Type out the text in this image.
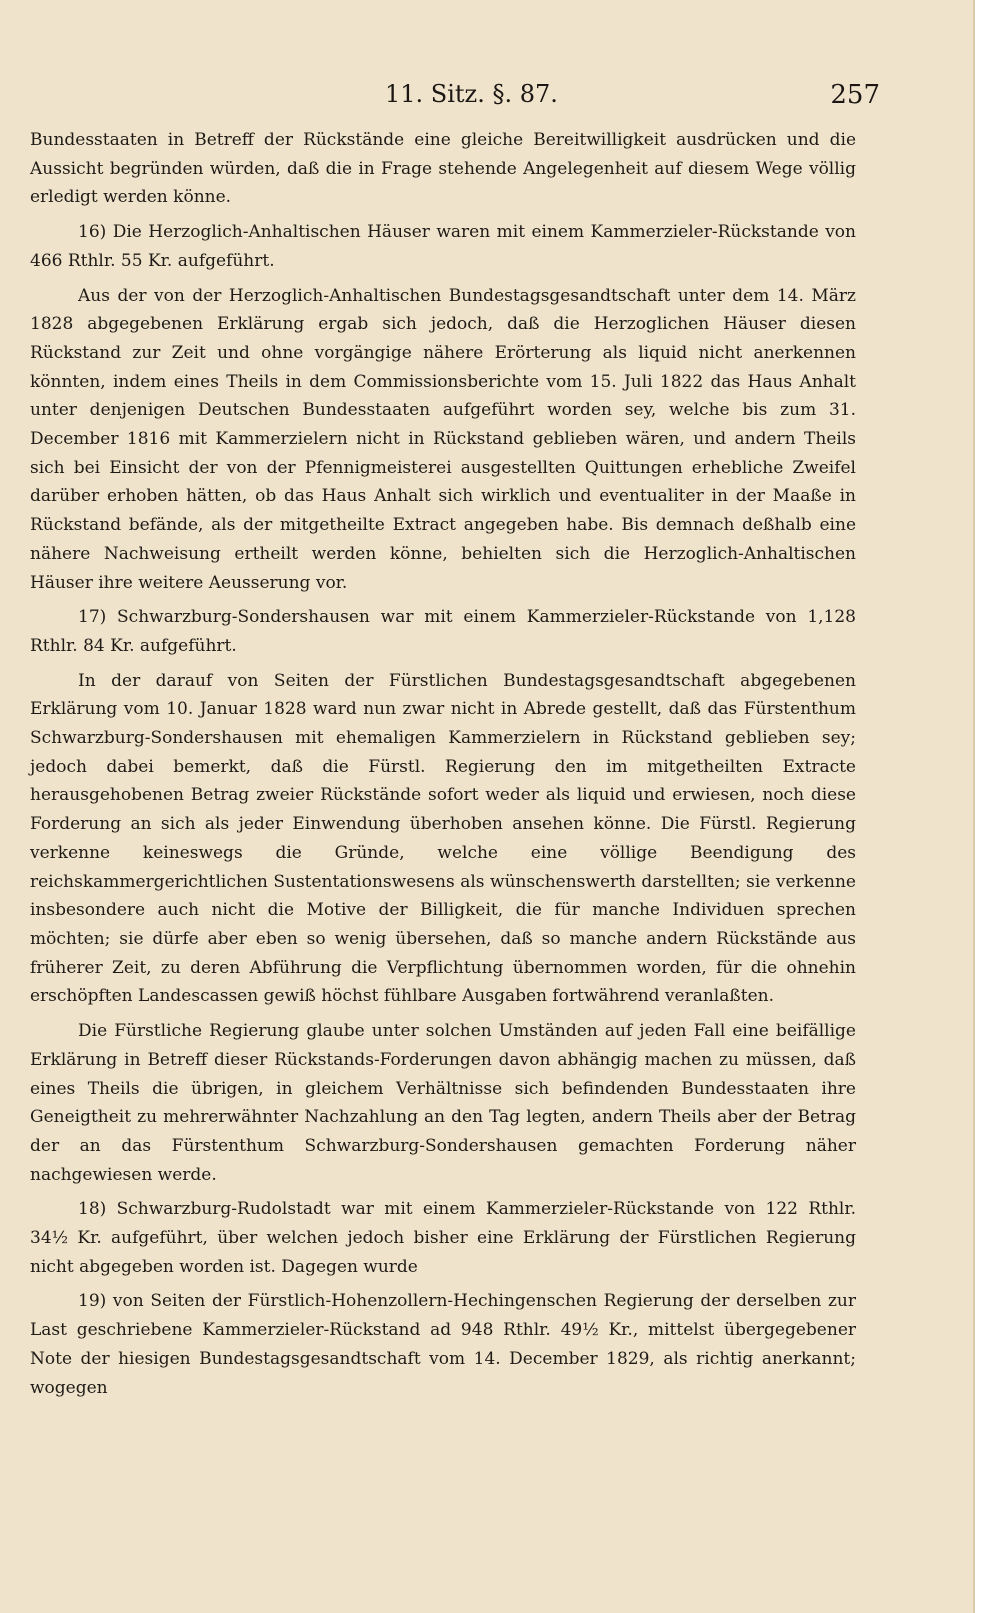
11. Sitz. §. 87.	257

Bundesstaaten in Betreff der Rückstände eine gleiche Bereitwilligkeit ausdrücken und die Aussicht begründen würden, daß die in Frage stehende Angelegenheit auf diesem Wege völlig erledigt werden könne.

16) Die Herzoglich-Anhaltischen Häuser waren mit einem Kammerzieler-Rückstande von 466 Rthlr. 55 Kr. aufgeführt.

Aus der von der Herzoglich-Anhaltischen Bundestagsgesandtschaft unter dem 14. März 1828 abgegebenen Erklärung ergab sich jedoch, daß die Herzoglichen Häuser diesen Rückstand zur Zeit und ohne vorgängige nähere Erörterung als liquid nicht anerkennen könnten, indem eines Theils in dem Commissionsberichte vom 15. Juli 1822 das Haus Anhalt unter denjenigen Deutschen Bundesstaaten aufgeführt worden sey, welche bis zum 31. December 1816 mit Kammerzielern nicht in Rückstand geblieben wären, und andern Theils sich bei Einsicht der von der Pfennigmeisterei ausgestellten Quittungen erhebliche Zweifel darüber erhoben hätten, ob das Haus Anhalt sich wirklich und eventualiter in der Maaße in Rückstand befände, als der mitgetheilte Extract angegeben habe. Bis demnach deßhalb eine nähere Nachweisung ertheilt werden könne, behielten sich die Herzoglich-Anhaltischen Häuser ihre weitere Aeusserung vor.

17) Schwarzburg-Sondershausen war mit einem Kammerzieler-Rückstande von 1,128 Rthlr. 84 Kr. aufgeführt.

In der darauf von Seiten der Fürstlichen Bundestagsgesandtschaft abgegebenen Erklärung vom 10. Januar 1828 ward nun zwar nicht in Abrede gestellt, daß das Fürstenthum Schwarzburg-Sondershausen mit ehemaligen Kammerzielern in Rückstand geblieben sey; jedoch dabei bemerkt, daß die Fürstl. Regierung den im mitgetheilten Extracte herausgehobenen Betrag zweier Rückstände sofort weder als liquid und erwiesen, noch diese Forderung an sich als jeder Einwendung überhoben ansehen könne. Die Fürstl. Regierung verkenne keineswegs die Gründe, welche eine völlige Beendigung des reichskammergerichtlichen Sustentationswesens als wünschenswerth darstellten; sie verkenne insbesondere auch nicht die Motive der Billigkeit, die für manche Individuen sprechen möchten; sie dürfe aber eben so wenig übersehen, daß so manche andern Rückstände aus früherer Zeit, zu deren Abführung die Verpflichtung übernommen worden, für die ohnehin erschöpften Landescassen gewiß höchst fühlbare Ausgaben fortwährend veranlaßten.

Die Fürstliche Regierung glaube unter solchen Umständen auf jeden Fall eine beifällige Erklärung in Betreff dieser Rückstands-Forderungen davon abhängig machen zu müssen, daß eines Theils die übrigen, in gleichem Verhältnisse sich befindenden Bundesstaaten ihre Geneigtheit zu mehrerwähnter Nachzahlung an den Tag legten, andern Theils aber der Betrag der an das Fürstenthum Schwarzburg-Sondershausen gemachten Forderung näher nachgewiesen werde.

18) Schwarzburg-Rudolstadt war mit einem Kammerzieler-Rückstande von 122 Rthlr. 34½ Kr. aufgeführt, über welchen jedoch bisher eine Erklärung der Fürstlichen Regierung nicht abgegeben worden ist. Dagegen wurde

19) von Seiten der Fürstlich-Hohenzollern-Hechingenschen Regierung der derselben zur Last geschriebene Kammerzieler-Rückstand ad 948 Rthlr. 49½ Kr., mittelst übergegebener Note der hiesigen Bundestagsgesandtschaft vom 14. December 1829, als richtig anerkannt; wogegen
